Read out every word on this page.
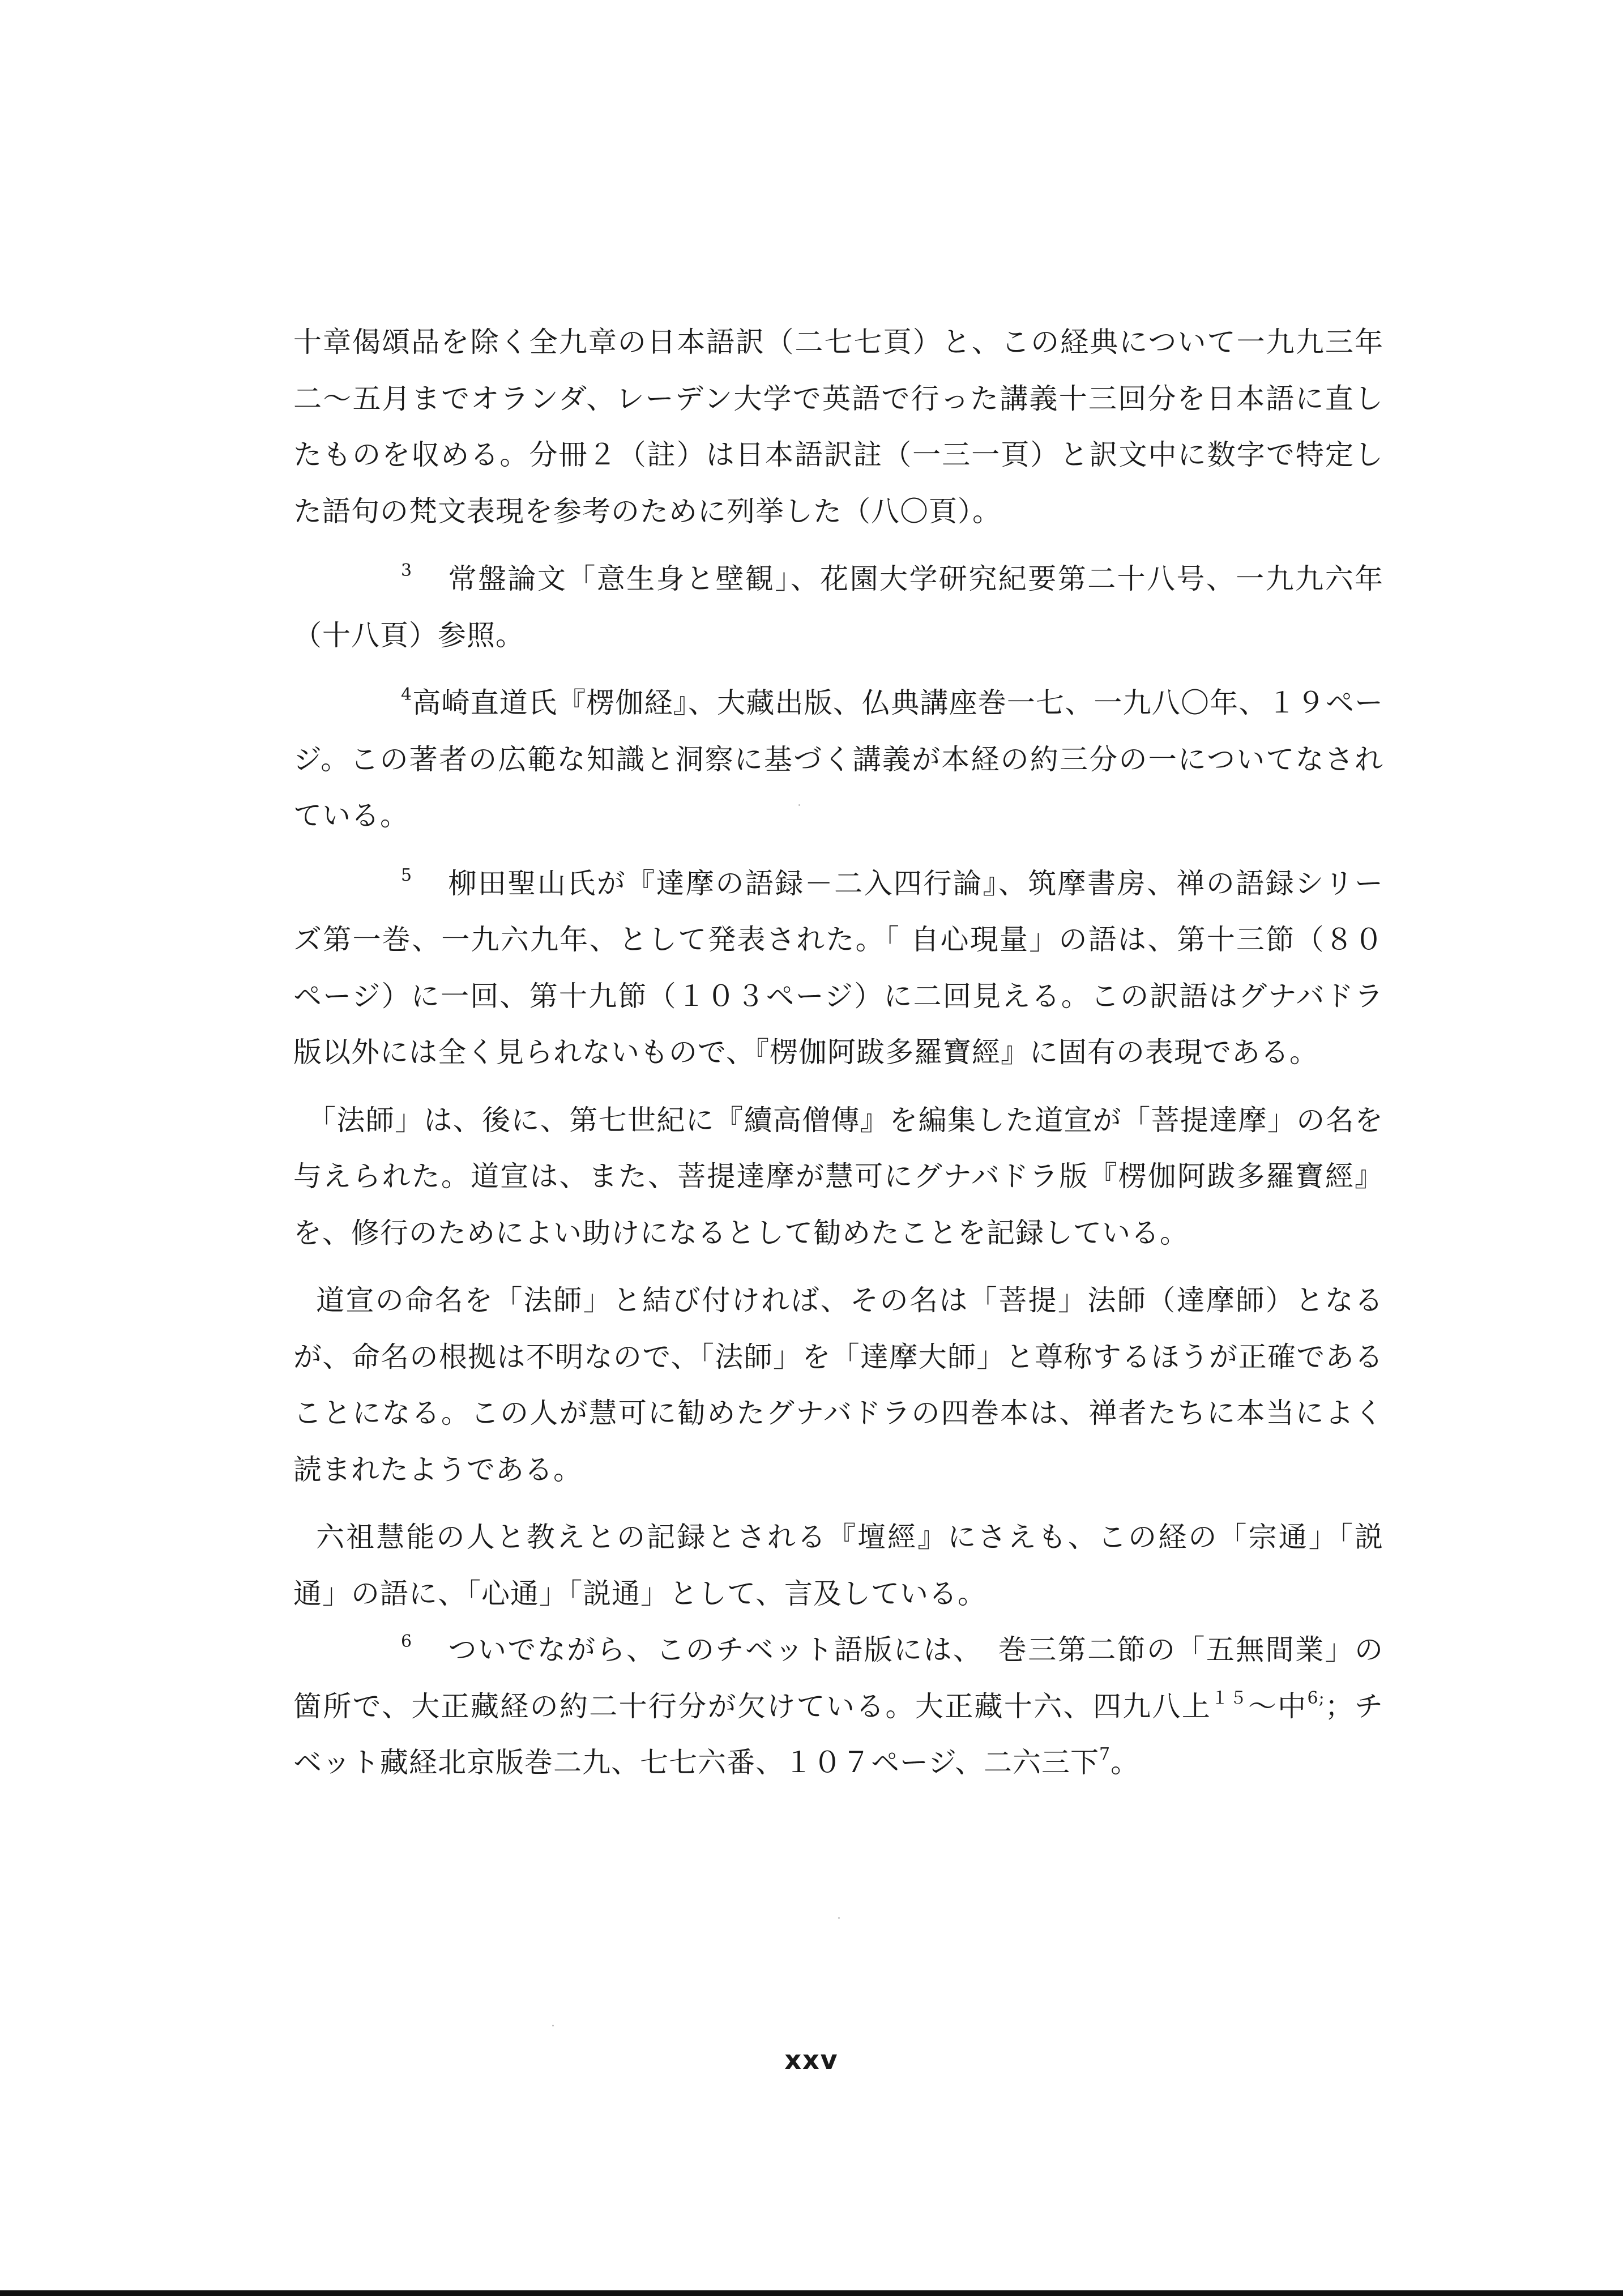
十章偈頌品を除く全九章の日本語訳（二七七頁）と、この経典について一九九三年二～五月までオランダ、レーデン大学で英語で行った講義十三回分を日本語に直したものを収める。分冊２（註）は日本語訳註（一三一頁）と訳文中に数字で特定した語句の梵文表現を参考のために列挙した（八〇頁）。

$^3$ 常盤論文「意生身と壁観」、花園大学研究紀要第二十八号、一九九六年（十八頁）参照。

$^4$高崎直道氏『楞伽経』、大藏出版、仏典講座巻一七、一九八〇年、１９ページ。この著者の広範な知識と洞察に基づく講義が本経の約三分の一についてなされている。

$^5$ 柳田聖山氏が『達摩の語録－二入四行論』、筑摩書房、禅の語録シリーズ第一巻、一九六九年、として発表された。「 自心現量」の語は、第十三節（８０ページ）に一回、第十九節（１０３ページ）に二回見える。この訳語はグナバドラ版以外には全く見られないもので、『楞伽阿跋多羅寶經』に固有の表現である。

「法師」は、後に、第七世紀に『續高僧傳』を編集した道宣が「菩提達摩」の名を与えられた。道宣は、また、菩提達摩が慧可にグナバドラ版『楞伽阿跋多羅寶經』を、修行のためによい助けになるとして勧めたことを記録している。

道宣の命名を「法師」と結び付ければ、その名は「菩提」法師（達摩師）となるが、命名の根拠は不明なので、「法師」を「達摩大師」と尊称するほうが正確であることになる。この人が慧可に勧めたグナバドラの四巻本は、禅者たちに本当によく読まれたようである。

六祖慧能の人と教えとの記録とされる『壇經』にさえも、この経の「宗通」「説通」の語に、「心通」「説通」として、言及している。

$^6$ ついでながら、このチベット語版には、　巻三第二節の「五無間業」の箇所で、大正藏経の約二十行分が欠けている。大正藏十六、四九八上$^{15}$～中$^{6;}$；チベット藏経北京版巻二九、七七六番、１０７ページ、二六三下$^7$。

xxv
